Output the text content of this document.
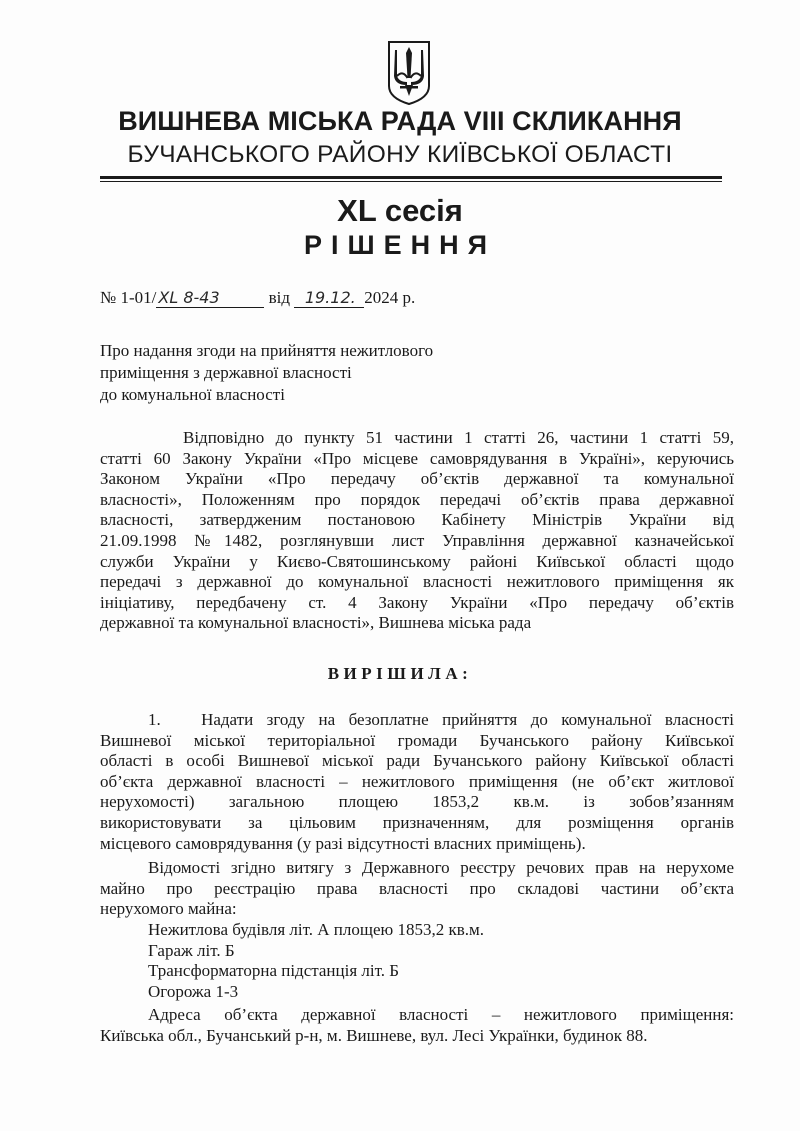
ВИШНЕВА МІСЬКА РАДА VIII СКЛИКАННЯ
БУЧАНСЬКОГО РАЙОНУ КИЇВСЬКОЇ ОБЛАСТІ
XL сесія
РІШЕННЯ
№ 1-01/ ХL 8-43	від 19.12. 2024 р.
Про надання згоди на прийняття нежитлового
приміщення з державної власності
до комунальної власності
Відповідно до пункту 51 частини 1 статті 26, частини 1 статті 59,
статті 60 Закону України «Про місцеве самоврядування в Україні», керуючись
Законом України «Про передачу об’єктів державної та комунальної
власності», Положенням про порядок передачі об’єктів права державної
власності, затвердженим постановою Кабінету Міністрів України від
21.09.1998 №1482, розглянувши лист Управління державної казначейської
служби України у Києво-Святошинському районі Київської області щодо
передачі з державної до комунальної власності нежитлового приміщення як
ініціативу, передбачену ст. 4 Закону України «Про передачу об’єктів
державної та комунальної власності», Вишнева міська рада
ВИРІШИЛА:
1.   Надати згоду на безоплатне прийняття до комунальної власності
Вишневої міської територіальної громади Бучанського району Київської
області в особі Вишневої міської ради Бучанського району Київської області
об’єкта державної власності – нежитлового приміщення (не об’єкт житлової
нерухомості) загальною площею 1853,2 кв.м. із зобов’язанням
використовувати за цільовим призначенням, для розміщення органів
місцевого самоврядування (у разі відсутності власних приміщень).
Відомості згідно витягу з Державного реєстру речових прав на нерухоме
майно про реєстрацію права власності про складові частини об’єкта
нерухомого майна:
Нежитлова будівля літ. А площею 1853,2 кв.м.
Гараж літ. Б
Трансформаторна підстанція літ. Б
Огорожа 1-3
Адреса об’єкта державної власності – нежитлового приміщення:
Київська обл., Бучанський р-н, м. Вишневе, вул. Лесі Українки, будинок 88.
